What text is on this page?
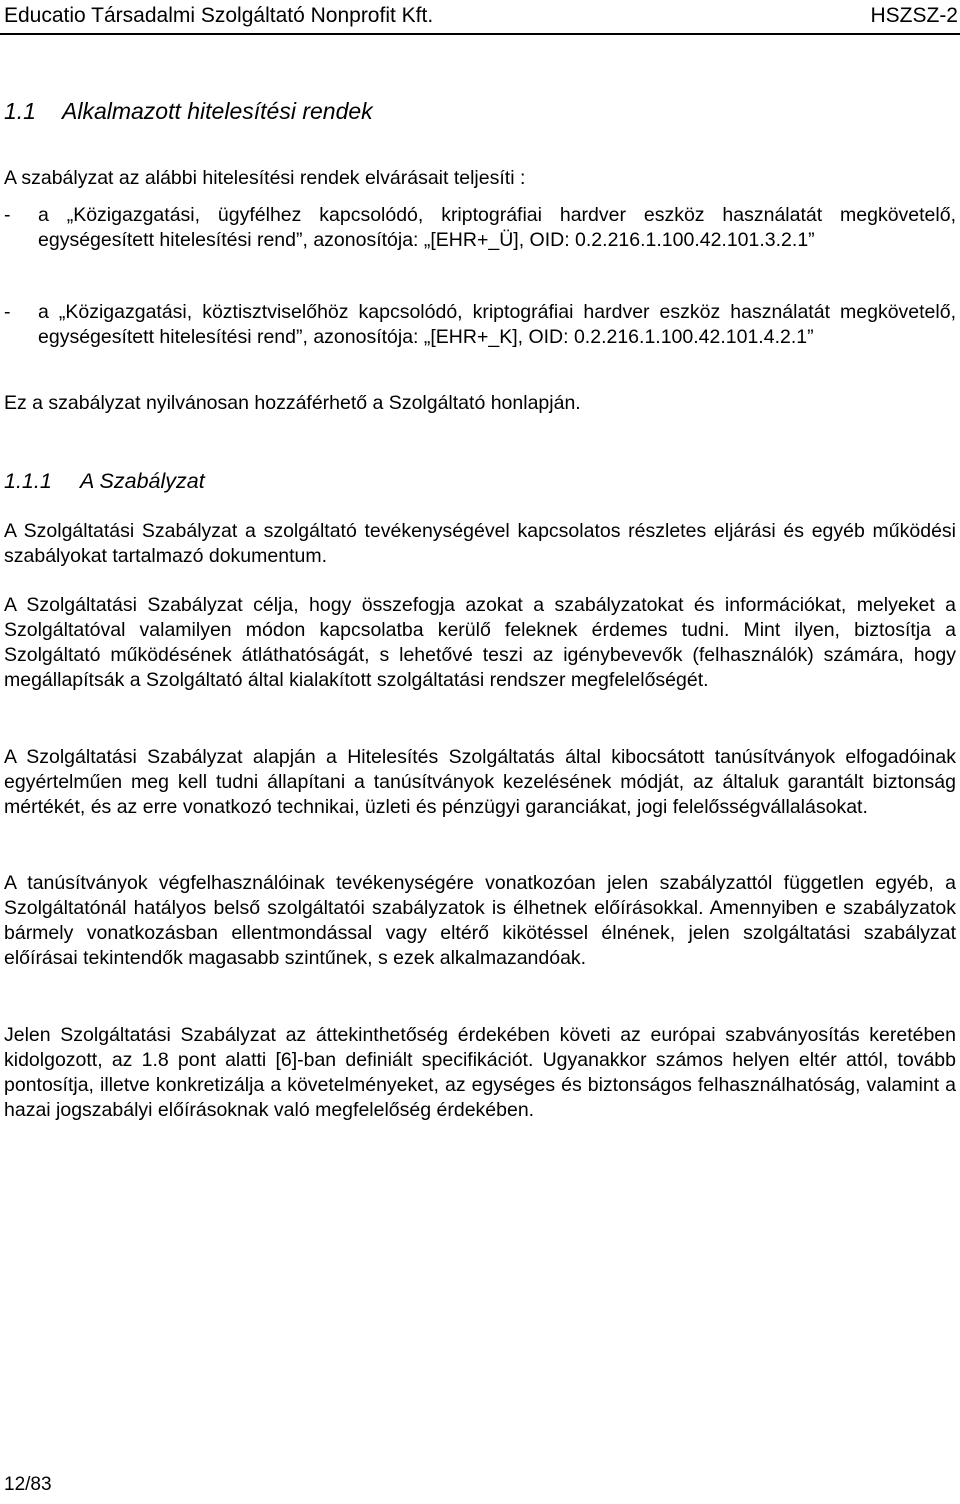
Educatio Társadalmi Szolgáltató Nonprofit Kft.	HSZSZ-2
1.1 Alkalmazott hitelesítési rendek
A szabályzat az alábbi hitelesítési rendek elvárásait teljesíti :
-	a „Közigazgatási, ügyfélhez kapcsolódó, kriptográfiai hardver eszköz használatát megkövetelő, egységesített hitelesítési rend”, azonosítója: „[EHR+_Ü], OID: 0.2.216.1.100.42.101.3.2.1”
-	a „Közigazgatási, köztisztviselőhöz kapcsolódó, kriptográfiai hardver eszköz használatát megkövetelő, egységesített hitelesítési rend”, azonosítója: „[EHR+_K], OID: 0.2.216.1.100.42.101.4.2.1”
Ez a szabályzat nyilvánosan hozzáférhető a Szolgáltató honlapján.
1.1.1 A Szabályzat
A Szolgáltatási Szabályzat a szolgáltató tevékenységével kapcsolatos részletes eljárási és egyéb működési szabályokat tartalmazó dokumentum.
A Szolgáltatási Szabályzat célja, hogy összefogja azokat a szabályzatokat és információkat, melyeket a Szolgáltatóval valamilyen módon kapcsolatba kerülő feleknek érdemes tudni. Mint ilyen, biztosítja a Szolgáltató működésének átláthatóságát, s lehetővé teszi az igénybevevők (felhasználók) számára, hogy megállapítsák a Szolgáltató által kialakított szolgáltatási rendszer megfelelőségét.
A Szolgáltatási Szabályzat alapján a Hitelesítés Szolgáltatás által kibocsátott tanúsítványok elfogadóinak egyértelműen meg kell tudni állapítani a tanúsítványok kezelésének módját, az általuk garantált biztonság mértékét, és az erre vonatkozó technikai, üzleti és pénzügyi garanciákat, jogi felelősségvállalásokat.
A tanúsítványok végfelhasználóinak tevékenységére vonatkozóan jelen szabályzattól független egyéb, a Szolgáltatónál hatályos belső szolgáltatói szabályzatok is élhetnek előírásokkal. Amennyiben e szabályzatok bármely vonatkozásban ellentmondással vagy eltérő kikötéssel élnének, jelen szolgáltatási szabályzat előírásai tekintendők magasabb szintűnek, s ezek alkalmazandóak.
Jelen Szolgáltatási Szabályzat az áttekinthetőség érdekében követi az európai szabványosítás keretében kidolgozott, az 1.8 pont alatti [6]-ban definiált specifikációt. Ugyanakkor számos helyen eltér attól, tovább pontosítja, illetve konkretizálja a követelményeket, az egységes és biztonságos felhasználhatóság, valamint a hazai jogszabályi előírásoknak való megfelelőség érdekében.
12/83
